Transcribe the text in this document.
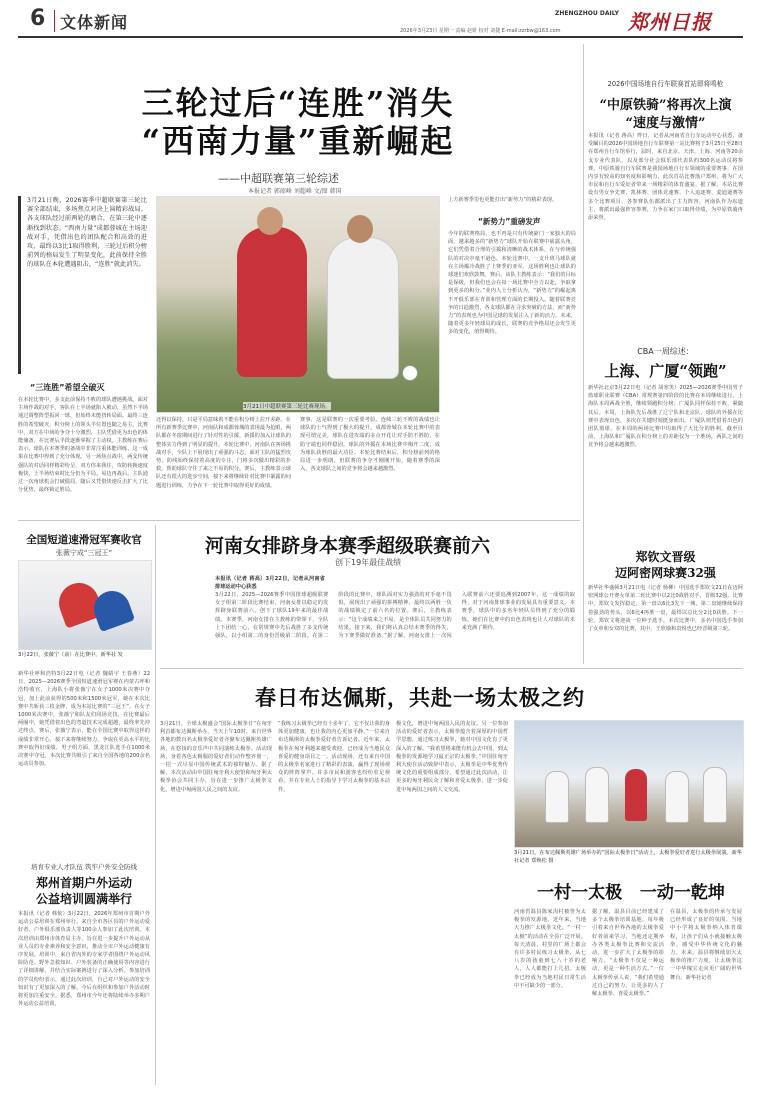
6 文体新闻	ZHENGZHOU DAILY 郑州日报
2026年3月23日 星期一 责编 赵妍 校对 刘捷 E-mail:zzrbw@163.com
三轮过后“连胜”消失
“西南力量”重新崛起
——中超联赛第三轮综述
本报记者 郭韶峰 刘超峰 文/图 韩国
3月21日晚，2026赛季中超联赛第三轮比赛全部结束，多场焦点对决上演精彩战局。各支球队经过前两轮的磨合，在第三轮中逐渐找到状态。“西南力量”成都蓉城在主场迎战对手，凭借出色的团队配合和高效的进攻，最终以3比1取得胜利，三轮过后积分榜前列的格局发生了明显变化，此前保持全胜的球队在本轮遭遇阻击，“连胜”就此消失。
3月21日中超联赛第三轮比赛现场。
“三连胜”希望全破灭
在本轮比赛中，多支此前保持不败的球队遭遇挑战。面对主场作战的对手，客队在上半场就陷入被动，虽然下半场通过调整阵型扳回一球，但始终未能扭转局面。最终三连胜的希望破灭，积分榜上的领头羊位置也随之易主。比赛中，双方在中场的争夺十分激烈，主队凭借更为出色的体能储备，在比赛后半段逐渐掌握了主动权。主教练在赛后表示，球队在本赛季的备战中非常注重体能训练，这一成果在比赛中得到了充分体现。另一场焦点战中，两支传统强队的对话同样精彩纷呈，双方你来我往，攻防转换速度极快，上半场结束时比分仍为平局。易边再战后，主队通过一次角球机会打破僵局，随后又凭借快速反击扩大了比分优势，最终锁定胜局。
还得以保持，只是平局意味着不能在积分榜上拉开差距。在所有新赛季比赛中，河南队和成都蓉城的表现最为抢眼，两队都在冬窗期间进行了针对性的引援，新援的加入让球队的整体实力得到了明显的提升。本轮比赛中，河南队在客场挑战对手，全队上下展现出了顽强的斗志，面对主队的猛烈攻势，防线始终保持着高度的专注，门将多次做出精彩的扑救，帮助球队守住了来之不易的积分。赛后，主教练表示球队还有很大的进步空间，接下来将继续针对比赛中暴露的问题进行训练，力争在下一轮比赛中取得更好的成绩。
赛事，这是联赛的一次重要考验。连续三轮不败的战绩也让球队的士气得到了极大的提升。成都蓉城在本轮比赛中的表现可谓完美，球队在进攻端的多点开花让对手防不胜防，在防守端也同样稳固。球队的外援在本场比赛中梅开二度，成为球队获胜的最大功臣。本轮比赛结束后，积分榜前列的格局进一步明朗，但联赛的争夺才刚刚开始，随着赛季的深入，各支球队之间的竞争将会越来越激烈。
上方新赛季里也更能打出“新势力”的精彩表现。
“新势力”重磅发声
今年的联赛格局，也不再是只有传统豪门一家独大的局面，越来越多的“新势力”球队开始在联赛中崭露头角。它们凭借着合理的引援和清晰的战术体系，在与传统强队的对决中毫不逊色。本轮比赛中，一支升班马球队就在主场爆冷战胜了上赛季的亚军，这场胜利也让球队的球迷们欢欣鼓舞。赛后，该队主教练表示：“我们的目标是保级，但我们也会在每一场比赛中全力以赴，争取拿到更多的积分。”业内人士分析认为，“新势力”的崛起离不开俱乐部在青训和管理方面的长期投入。随着联赛竞争的日趋激烈，各支球队都在寻求突破的方法，而“新势力”的表现也为中国足球的发展注入了新的活力。未来，随着更多年轻球员的成长，联赛的竞争格局还会发生更多的变化，值得期待。
2026中国场地自行车联赛首站即将鸣枪
“中原铁骑”将再次上演
“速度与激情”
本报讯（记者 蒋高）昨日，记者从河南省自行车运动中心获悉，备受瞩目的2026中国场地自行车联赛第一站比赛将于3月25日至28日在郑州自行车馆举行，届时，来自北京、天津、上海、河南等20余支专业代表队、以及部分社会俱乐部代表队约300名运动员将参赛。中原铁骑自行车联赛是我国场地自行车领域的重要赛事，在国内享有较高的知名度和影响力，此次首站比赛落户郑州，将为广大市民和自行车爱好者带来一场精彩的体育盛宴。据了解，本站比赛设有男女争先赛、凯林赛、团体竞速赛、个人追逐赛、麦迪逊赛等多个比赛项目，各参赛队伍都派出了主力阵容。河南队作为东道主，将派出最强阵容参赛，力争在家门口取得佳绩，为中原铁骑再添荣誉。
CBA一周综述：
上海、广厦“领跑”
新华社北京3月22日电（记者 胡寒笑）2025—2026赛季中国男子篮球职业联赛（CBA）常规赛第四阶段的比赛在本周继续进行。上海队本周两战全胜，继续领跑积分榜；广厦队同样保持不败，紧随其后。本周，上海队先后战胜了辽宁队和北京队，球队的外援在比赛中表现出色，多次在关键时刻挺身而出。广厦队则凭借着出色的团队篮球，在本周的两场比赛中均取得了大比分的胜利。截至目前，上海队和广厦队在积分榜上的差距仅为一个胜场，两队之间的竞争将会越来越激烈。
河南女排跻身本赛季超级联赛前六
创下19年最佳战绩
本报讯（记者 蒋高）3月22日，记者从河南省排球运动中心获悉
3月22日，2025—2026赛季中国排球超级联赛女子组第二阶段比赛结束，河南女排以稳定的发挥跻身联赛前六，创下了球队19年来的最佳战绩。本赛季，河南女排在主教练的带领下，全队上下团结一心，在常规赛中先后战胜了多支传统强队，以小组第二的身份晋级第二阶段。在第二阶段的比赛中，球队面对实力强劲的对手毫不畏惧，展现出了顽强的拼搏精神，最终以两胜一负的战绩锁定了前六名的位置。赛后，主教练表示：“这个成绩来之不易，是全体队员共同努力的结果。接下来，我们将认真总结本赛季的得失，为下赛季做好准备。”据了解，河南女排上一次闯入联赛前六还要追溯到2007年，这一成绩的取得，对于河南排球事业的发展具有重要意义。本赛季，球队中的多名年轻队员得到了充分的锻炼，她们在比赛中的出色表现也让人对球队的未来充满了期待。
全国短道速滑冠军赛收官
张薇宁成“三冠王”
3月22日，张薇宁（前）在比赛中。新华社 发
新华社呼和浩特3月22日电（记者 魏婧宇 王春燕）22日，2025—2026赛季全国短道速滑冠军赛在内蒙古呼和浩特收官，上海队小将张薇宁在女子1000米决赛中夺冠，加上此前获得的500米和1500米冠军，她在本次比赛中共斩获三枚金牌，成为本站比赛的“三冠王”。在女子1000米决赛中，张薇宁和队友们同场竞技，在比赛最后两圈中，她凭借着出色的弯道技术完成超越，最终率先冲过终点。赛后，张薇宁表示，能在全国比赛中取得这样的成绩非常开心，接下来将继续努力，争取在更高水平的比赛中取得好成绩。男子组方面，黑龙江队选手在1000米决赛中夺冠。本次比赛共吸引了来自全国各地的200余名运动员参加。
郑钦文晋级
迈阿密网球赛32强
新华社华盛顿3月21日电（记者 杨柳）中国选手郑钦文21日在迈阿密网球公开赛女单第二轮比赛中以2比0战胜对手，晋级32强。比赛中，郑钦文发挥稳定，第一盘以6比3先下一城，第二盘她继续保持着强劲的势头，以6比4再胜一盘，最终以总比分2比0获胜。下一轮，郑钦文将迎战一位种子选手。本次比赛中，多名中国选手参加了女单和女双的比赛，其中，王欣瑜和袁悦也已经晋级第三轮。
培育专业人才队伍 筑牢户外安全防线
郑州首期户外运动
公益培训圆满举行
本报讯（记者 韩依）3月22日，2026年郑州市首期户外运动公益培训在郑州举行。来自全市各区县的户外运动爱好者、户外俱乐部负责人等100余人参加了此次培训。本次培训由郑州市体育局主办，旨在进一步提升户外运动从业人员的专业素养和安全意识，推动全市户外运动健康有序发展。培训中，来自省内外的专家学者围绕户外运动风险防范、野外急救知识、户外装备的正确使用等内容进行了详细讲解，并结合实际案例进行了深入分析。参加培训的学员纷纷表示，通过此次培训，自己对户外运动的安全知识有了更加深入的了解，今后在组织和参加户外活动时将更加注重安全。据悉，郑州市今年还将陆续举办多期户外运动公益培训。
春日布达佩斯，共赴一场太极之约
3月21日，全球太极盛会“国际太极拳日”在匈牙利首都布达佩斯举办。当天上午10时，来自世界各地的数百名太极拳爱好者齐聚布达佩斯英雄广场，在悠扬的音乐声中共同演练太极拳。活动现场，身着各色太极服的爱好者们动作整齐划一，一招一式尽显中国传统武术的独特魅力。据了解，本次活动由中国驻匈牙利大使馆和匈牙利太极拳协会共同主办，旨在进一步推广太极拳文化，增进中匈两国人民之间的友谊。
“我练习太极拳已经有十多年了，它不仅让我的身体更加健康，也让我的内心更加平静。”一位来自布达佩斯的太极拳爱好者告诉记者。近年来，太极拳在匈牙利越来越受欢迎，已经成为当地民众喜爱的健身项目之一。活动现场，还有来自中国的太极拳名家进行了精彩的表演，赢得了现场观众的阵阵掌声。许多市民和游客也纷纷驻足观看，并在专业人士的指导下学习太极拳的基本动作。
极文化，增进中匈两国人民的友谊。另一位参加活动的爱好者表示，太极拳蕴含着深厚的中国哲学思想，通过练习太极拳，她对中国文化有了更深入的了解。“我希望将来能有机会去中国，到太极拳的发源地学习最正宗的太极拳。”中国驻匈牙利大使在活动致辞中表示，太极拳是中华优秀传统文化的重要组成部分，希望通过此次活动，让更多的匈牙利民众了解和喜爱太极拳，进一步促进中匈两国之间的人文交流。
3月21日，在布达佩斯英雄广场举办的“国际太极拳日”活动上，太极拳爱好者进行太极拳展演。新华社记者 郑焕松 摄
一村一太极   一动一乾坤
河南省温县陈家沟村被誉为太极拳的发源地。近年来，当地大力推广太极拳文化，“一村一太极”的活动在全县广泛开展。每天清晨，村里的广场上都会有许多村民练习太极拳，从七八岁的孩童到七八十岁的老人，人人都能打上几招。太极拳已经成为当地村民日常生活中不可缺少的一部分。
据了解，温县目前已经建成了多个太极拳培训基地，每年吸引着来自世界各地的太极拳爱好者前来学习。当地还定期举办各类太极拳比赛和交流活动，进一步扩大了太极拳的影响力。“太极拳不仅是一种运动，更是一种生活方式。”一位太极拳传承人说，“我们希望通过自己的努力，让更多的人了解太极拳、喜爱太极拳。”
在温县，太极拳的传承与发展已经形成了良好的氛围。当地中小学将太极拳纳入体育课程，让孩子们从小就接触太极拳，感受中华传统文化的魅力。未来，温县将继续加大太极拳的推广力度，让太极拳这一中华瑰宝走向更广阔的世界舞台。新华社记者
